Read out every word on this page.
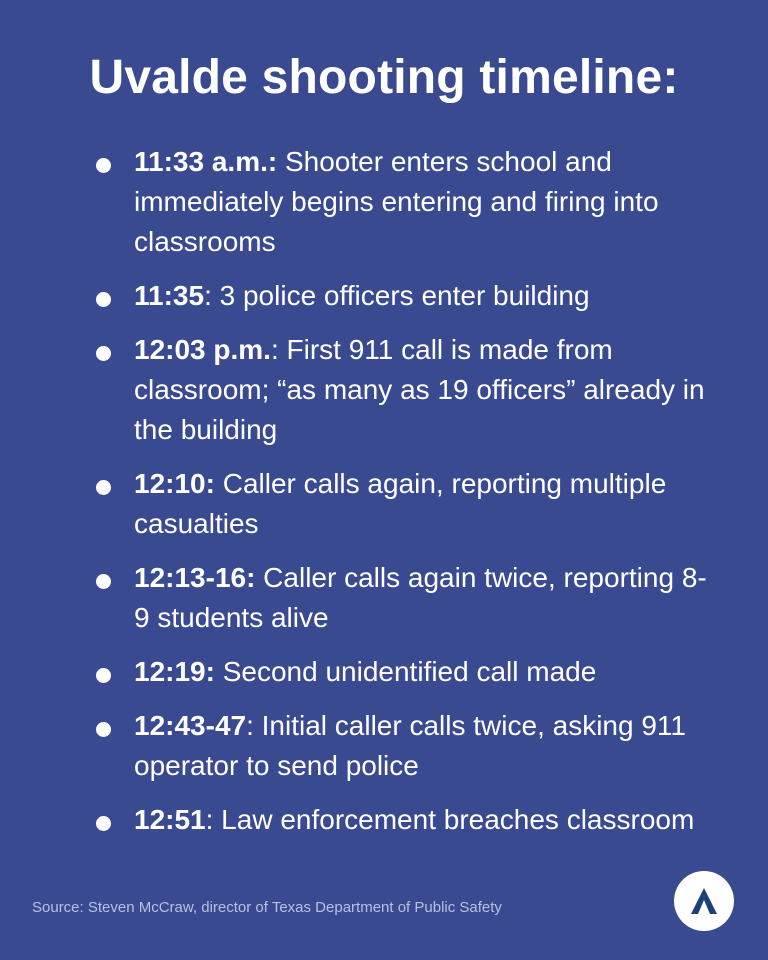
Uvalde shooting timeline:
11:33 a.m.: Shooter enters school and immediately begins entering and firing into classrooms
11:35: 3 police officers enter building
12:03 p.m.: First 911 call is made from classroom; “as many as 19 officers” already in the building
12:10: Caller calls again, reporting multiple casualties
12:13-16: Caller calls again twice, reporting 8-9 students alive
12:19: Second unidentified call made
12:43-47: Initial caller calls twice, asking 911 operator to send police
12:51: Law enforcement breaches classroom
Source: Steven McCraw, director of Texas Department of Public Safety
